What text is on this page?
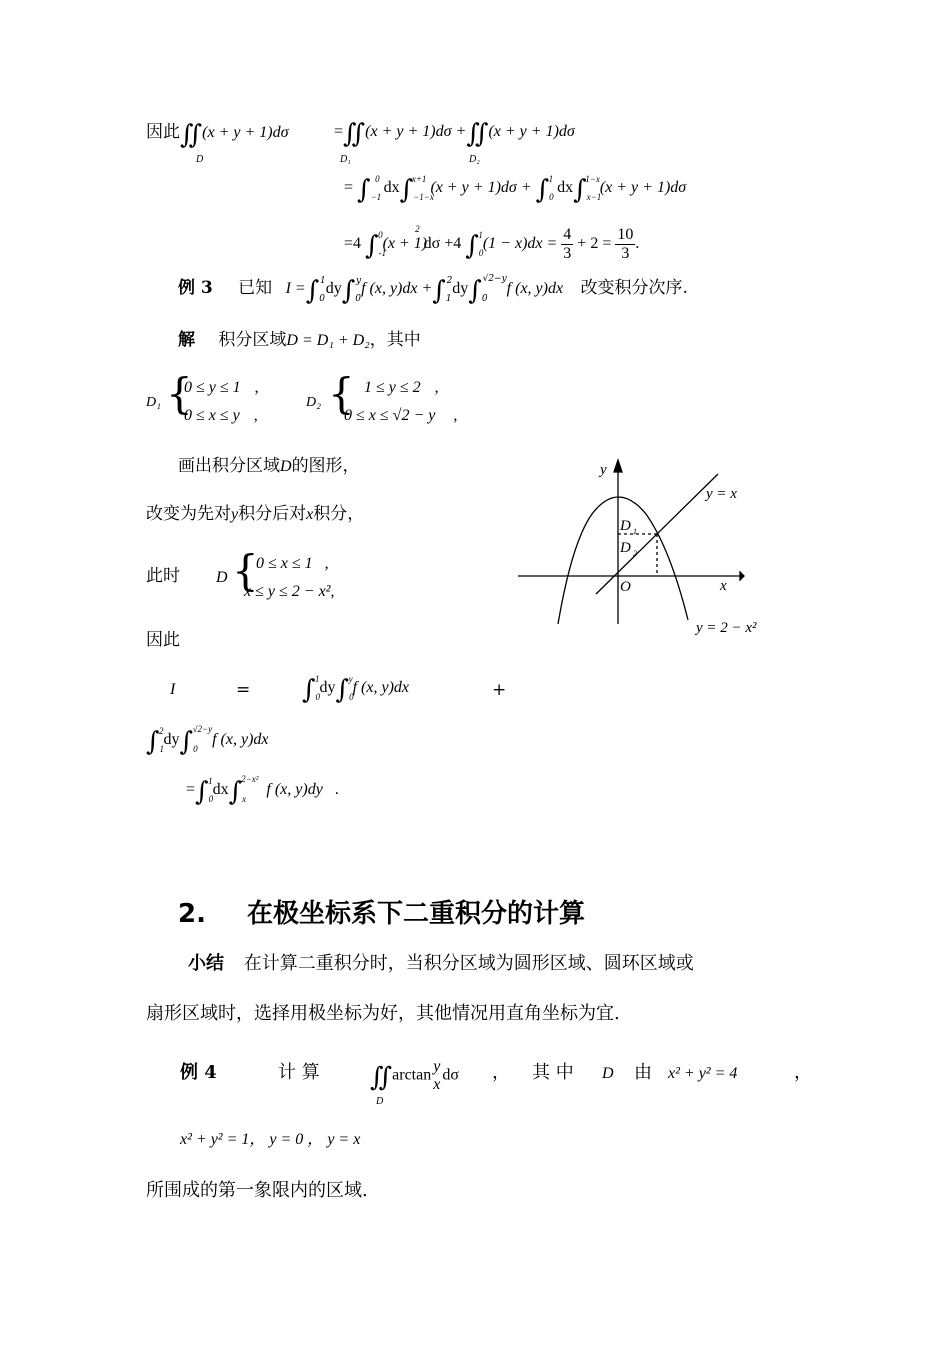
因此∬(x + y + 1)dσ
D
=∬(x + y + 1)dσ +∬(x + y + 1)dσ
D₁	D₂
= $\int_{-1}^0$ $dx\int_{-1-x}^{x+1}$ $(x + y + 1)d\sigma + \int_0^1$ $dx\int_{x-1}^{1-x}(x + y + 1)d\sigma$
=4 $\int_{-1}^0(x + 1)^2$ dσ +4 $\int_0^1(1 - x)dx = \frac{4}{3} + 2 = \frac{10}{3}$ .
例 3 已知 $I =\int_0^1dy\int_0^yf$ (x, $y)dx +\int_1^2dy\int_0^{√2-y}f$ (x, y)dx 改变积分次序.
解 积分区域D = D₁ + D₂，其中
D₁ {
0 ≤ y ≤ 1 ,
0 ≤ x ≤ y ,
D₂ { 1 ≤ y ≤ 2 ,
0 ≤ x ≤ √2 − y ,
画出积分区域D的图形，
改变为先对y积分后对x积分，
此时 D {
0 ≤ x ≤ 1 ,
x ≤ y ≤ 2 − x²,
因此
I	= $\int_0^1dy\int_0^yf$ (x, y)dx	+
$\int_1^2dy\int_0^{√2-y}f$ (x, y)dx
$=\int_0^1dx\int_x^{2-x^2}f$ (x, y)dy .
y
x
O
y = x
y = 2 − x²
D 1
D 2
2. 在极坐标系下二重积分的计算
小结 在计算二重积分时，当积分区域为圆形区域、圆环区域或
扇形区域时，选择用极坐标为好，其他情况用直角坐标为宜.
例 4	计 算 ∬arctan
y
x
dσ
D
， 其 中 D 由 x² + y² = 4	，
x² + y² = 1， y = 0 ， y = x
所围成的第一象限内的区域.
